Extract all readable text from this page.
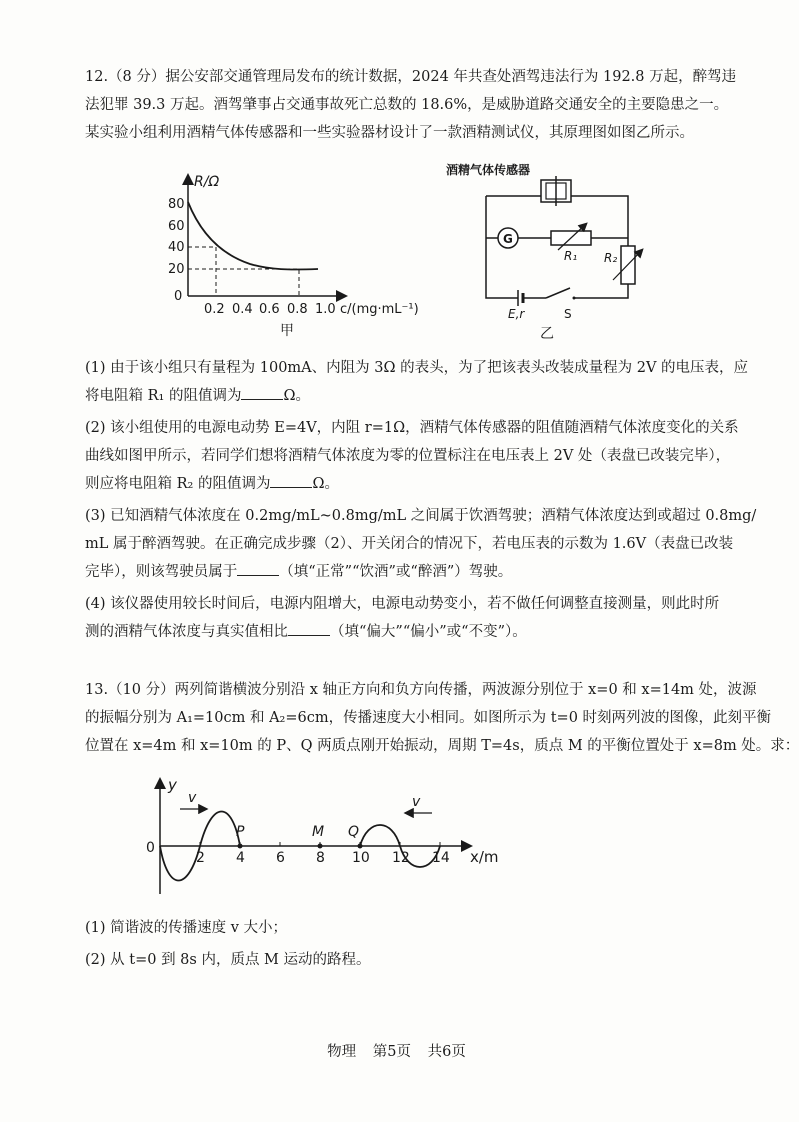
12.（8 分）据公安部交通管理局发布的统计数据，2024 年共查处酒驾违法行为 192.8 万起，醉驾违
法犯罪 39.3 万起。酒驾肇事占交通事故死亡总数的 18.6%，是威胁道路交通安全的主要隐患之一。
某实验小组利用酒精气体传感器和一些实验器材设计了一款酒精测试仪，其原理图如图乙所示。
R/Ω
80
60
40
20
0
0.2 0.4 0.6 0.8 1.0 c/(mg·mL⁻¹)
甲
酒精气体传感器
G
R₁ R₂
E,r	S
乙
(1) 由于该小组只有量程为 100mA、内阻为 3Ω 的表头，为了把该表头改装成量程为 2V 的电压表，应
将电阻箱 R₁ 的阻值调为	Ω。
(2) 该小组使用的电源电动势 E=4V，内阻 r=1Ω，酒精气体传感器的阻值随酒精气体浓度变化的关系
曲线如图甲所示，若同学们想将酒精气体浓度为零的位置标注在电压表上 2V 处（表盘已改装完毕），
则应将电阻箱 R₂ 的阻值调为	Ω。
(3) 已知酒精气体浓度在 0.2mg/mL~0.8mg/mL 之间属于饮酒驾驶；酒精气体浓度达到或超过 0.8mg/
mL 属于醉酒驾驶。在正确完成步骤（2）、开关闭合的情况下，若电压表的示数为 1.6V（表盘已改装
完毕），则该驾驶员属于	（填“正常”“饮酒”或“醉酒”）驾驶。
(4) 该仪器使用较长时间后，电源内阻增大，电源电动势变小，若不做任何调整直接测量，则此时所
测的酒精气体浓度与真实值相比	（填“偏大”“偏小”或“不变”）。
13.（10 分）两列简谐横波分别沿 x 轴正方向和负方向传播，两波源分别位于 x=0 和 x=14m 处，波源
的振幅分别为 A₁=10cm 和 A₂=6cm，传播速度大小相同。如图所示为 t=0 时刻两列波的图像，此刻平衡
位置在 x=4m 和 x=10m 的 P、Q 两质点刚开始振动，周期 T=4s，质点 M 的平衡位置处于 x=8m 处。求：
y
x/m
0
v	v
P	M Q
2 4 6 8 10 12 14
(1) 简谐波的传播速度 v 大小；
(2) 从 t=0 到 8s 内，质点 M 运动的路程。
物理 第5页 共6页
